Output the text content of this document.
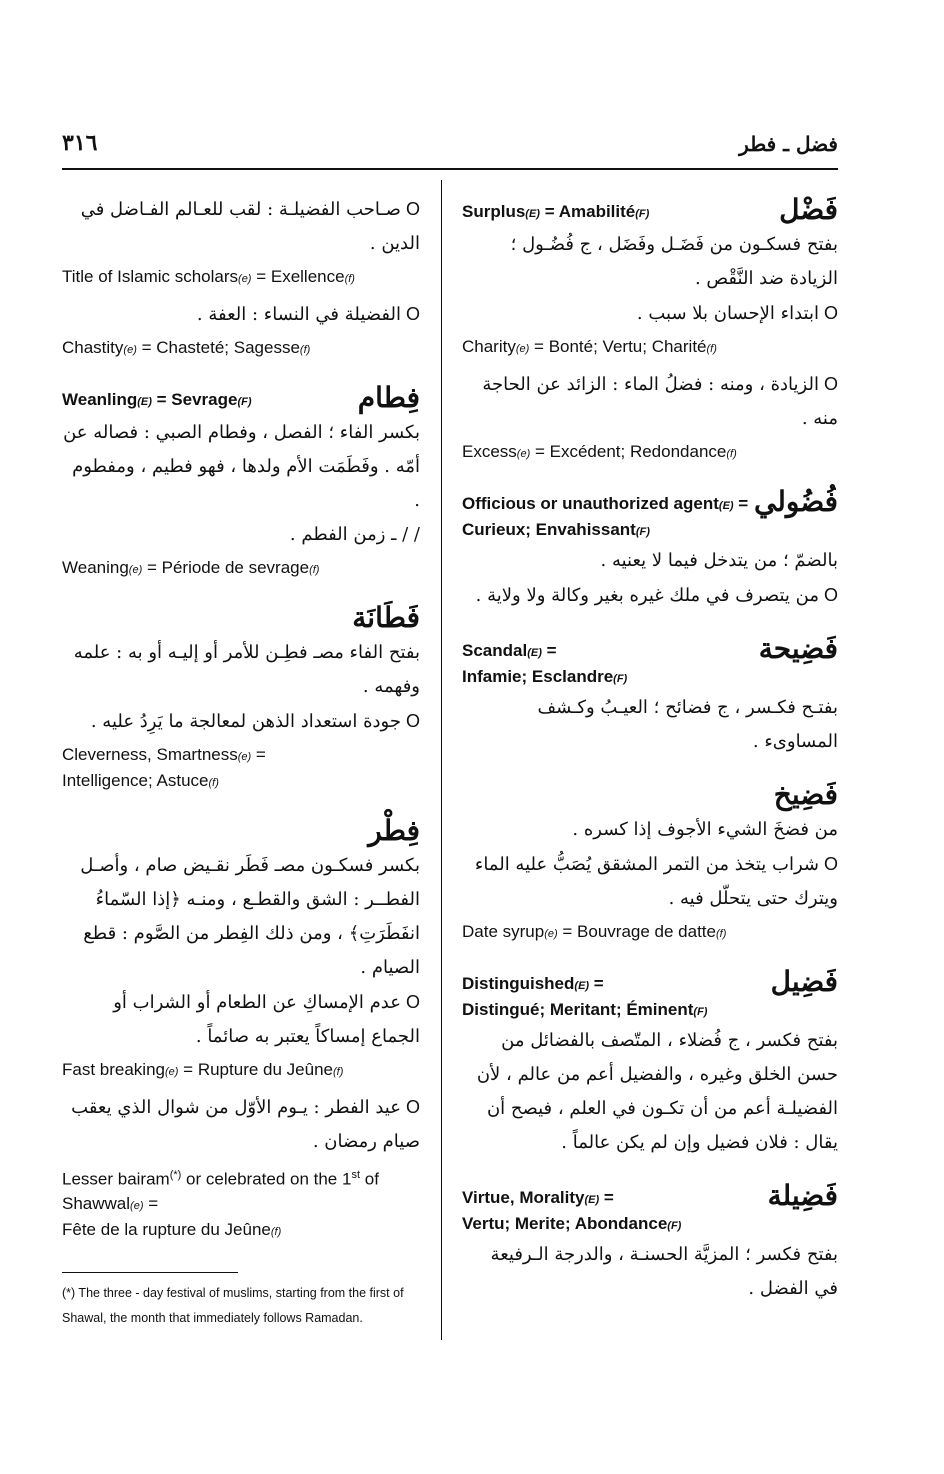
فضل ـ فطر
٣١٦
Surplus(E) = Amabilité(F)	فَضْل

بفتح فسكـون من فَضَـل وفَضَل ، ج فُضُـول ؛ الزيادة ضد النَّقْص .

O ابتداء الإحسان بلا سبب .

Charity(e) = Bonté; Vertu; Charité(f)

O الزيادة ، ومنه : فضلُ الماء : الزائد عن الحاجة منه .

Excess(e) = Excédent; Redondance(f)

Officious or unauthorized agent(E) =
Curieux; Envahissant(F)
فُضُولي

بالضمّ ؛ من يتدخل فيما لا يعنيه .

O من يتصرف في ملك غيره بغير وكالة ولا ولاية .

Scandal(E) =
Infamie; Esclandre(F)
فَضِيحة

بفتـح فكـسر ، ج فضائح ؛ العيـبُ وكـشف المساوىء .

فَضِيخ

من فضخَ الشيء الأجوف إذا كسره .

O شراب يتخذ من التمر المشقق يُصَبُّ عليه الماء ويترك حتى يتحلّل فيه .

Date syrup(e) = Bouvrage de datte(f)

Distinguished(E) =
Distingué; Meritant; Éminent(F)
فَضِيل

بفتح فكسر ، ج فُضلاء ، المتّصف بالفضائل من حسن الخلق وغيره ، والفضيل أعم من عالم ، لأن الفضيلـة أعم من أن تكـون في العلم ، فيصح أن يقال : فلان فضيل وإن لم يكن عالماً .

Virtue, Morality(E) =
Vertu; Merite; Abondance(F)
فَضِيلة

بفتح فكسر ؛ المزيَّة الحسنـة ، والدرجة الـرفيعة في الفضل .

O صـاحب الفضيلـة : لقب للعـالم الفـاضل في الدين .

Title of Islamic scholars(e) = Exellence(f)

O الفضيلة في النساء : العفة .

Chastity(e) = Chasteté; Sagesse(f)

Weanling(E) = Sevrage(F)	فِطام

بكسر الفاء ؛ الفصل ، وفطام الصبي : فصاله عن أمّه . وفَطَمَت الأم ولدها ، فهو فطيم ، ومفطوم .

/ / ـ زمن الفطم .

Weaning(e) = Période de sevrage(f)

فَطَانَة

بفتح الفاء مصـ فطِـن للأمر أو إليـه أو به : علمه وفهمه .

O جودة استعداد الذهن لمعالجة ما يَرِدُ عليه .

Cleverness, Smartness(e) =
Intelligence; Astuce(f)

فِطْر

بكسر فسكـون مصـ فَطَر نقـيض صام ، وأصـل الفطــر : الشق والقطـع ، ومنـه ﴿إذا السّماءُ انفَطَرَتِ﴾ ، ومن ذلك الفِطر من الصَّوم : قطع الصيام .

O عدم الإمساكِ عن الطعام أو الشراب أو الجماع إمساكاً يعتبر به صائماً .

Fast breaking(e) = Rupture du Jeûne(f)

O عيد الفطر : يـوم الأوّل من شوال الذي يعقب صيام رمضان .

Lesser bairam(*) or celebrated on the 1st of Shawwal(e) =
Fête de la rupture du Jeûne(f)

(*) The three - day festival of muslims, starting from the first of Shawal, the month that immediately follows Ramadan.
